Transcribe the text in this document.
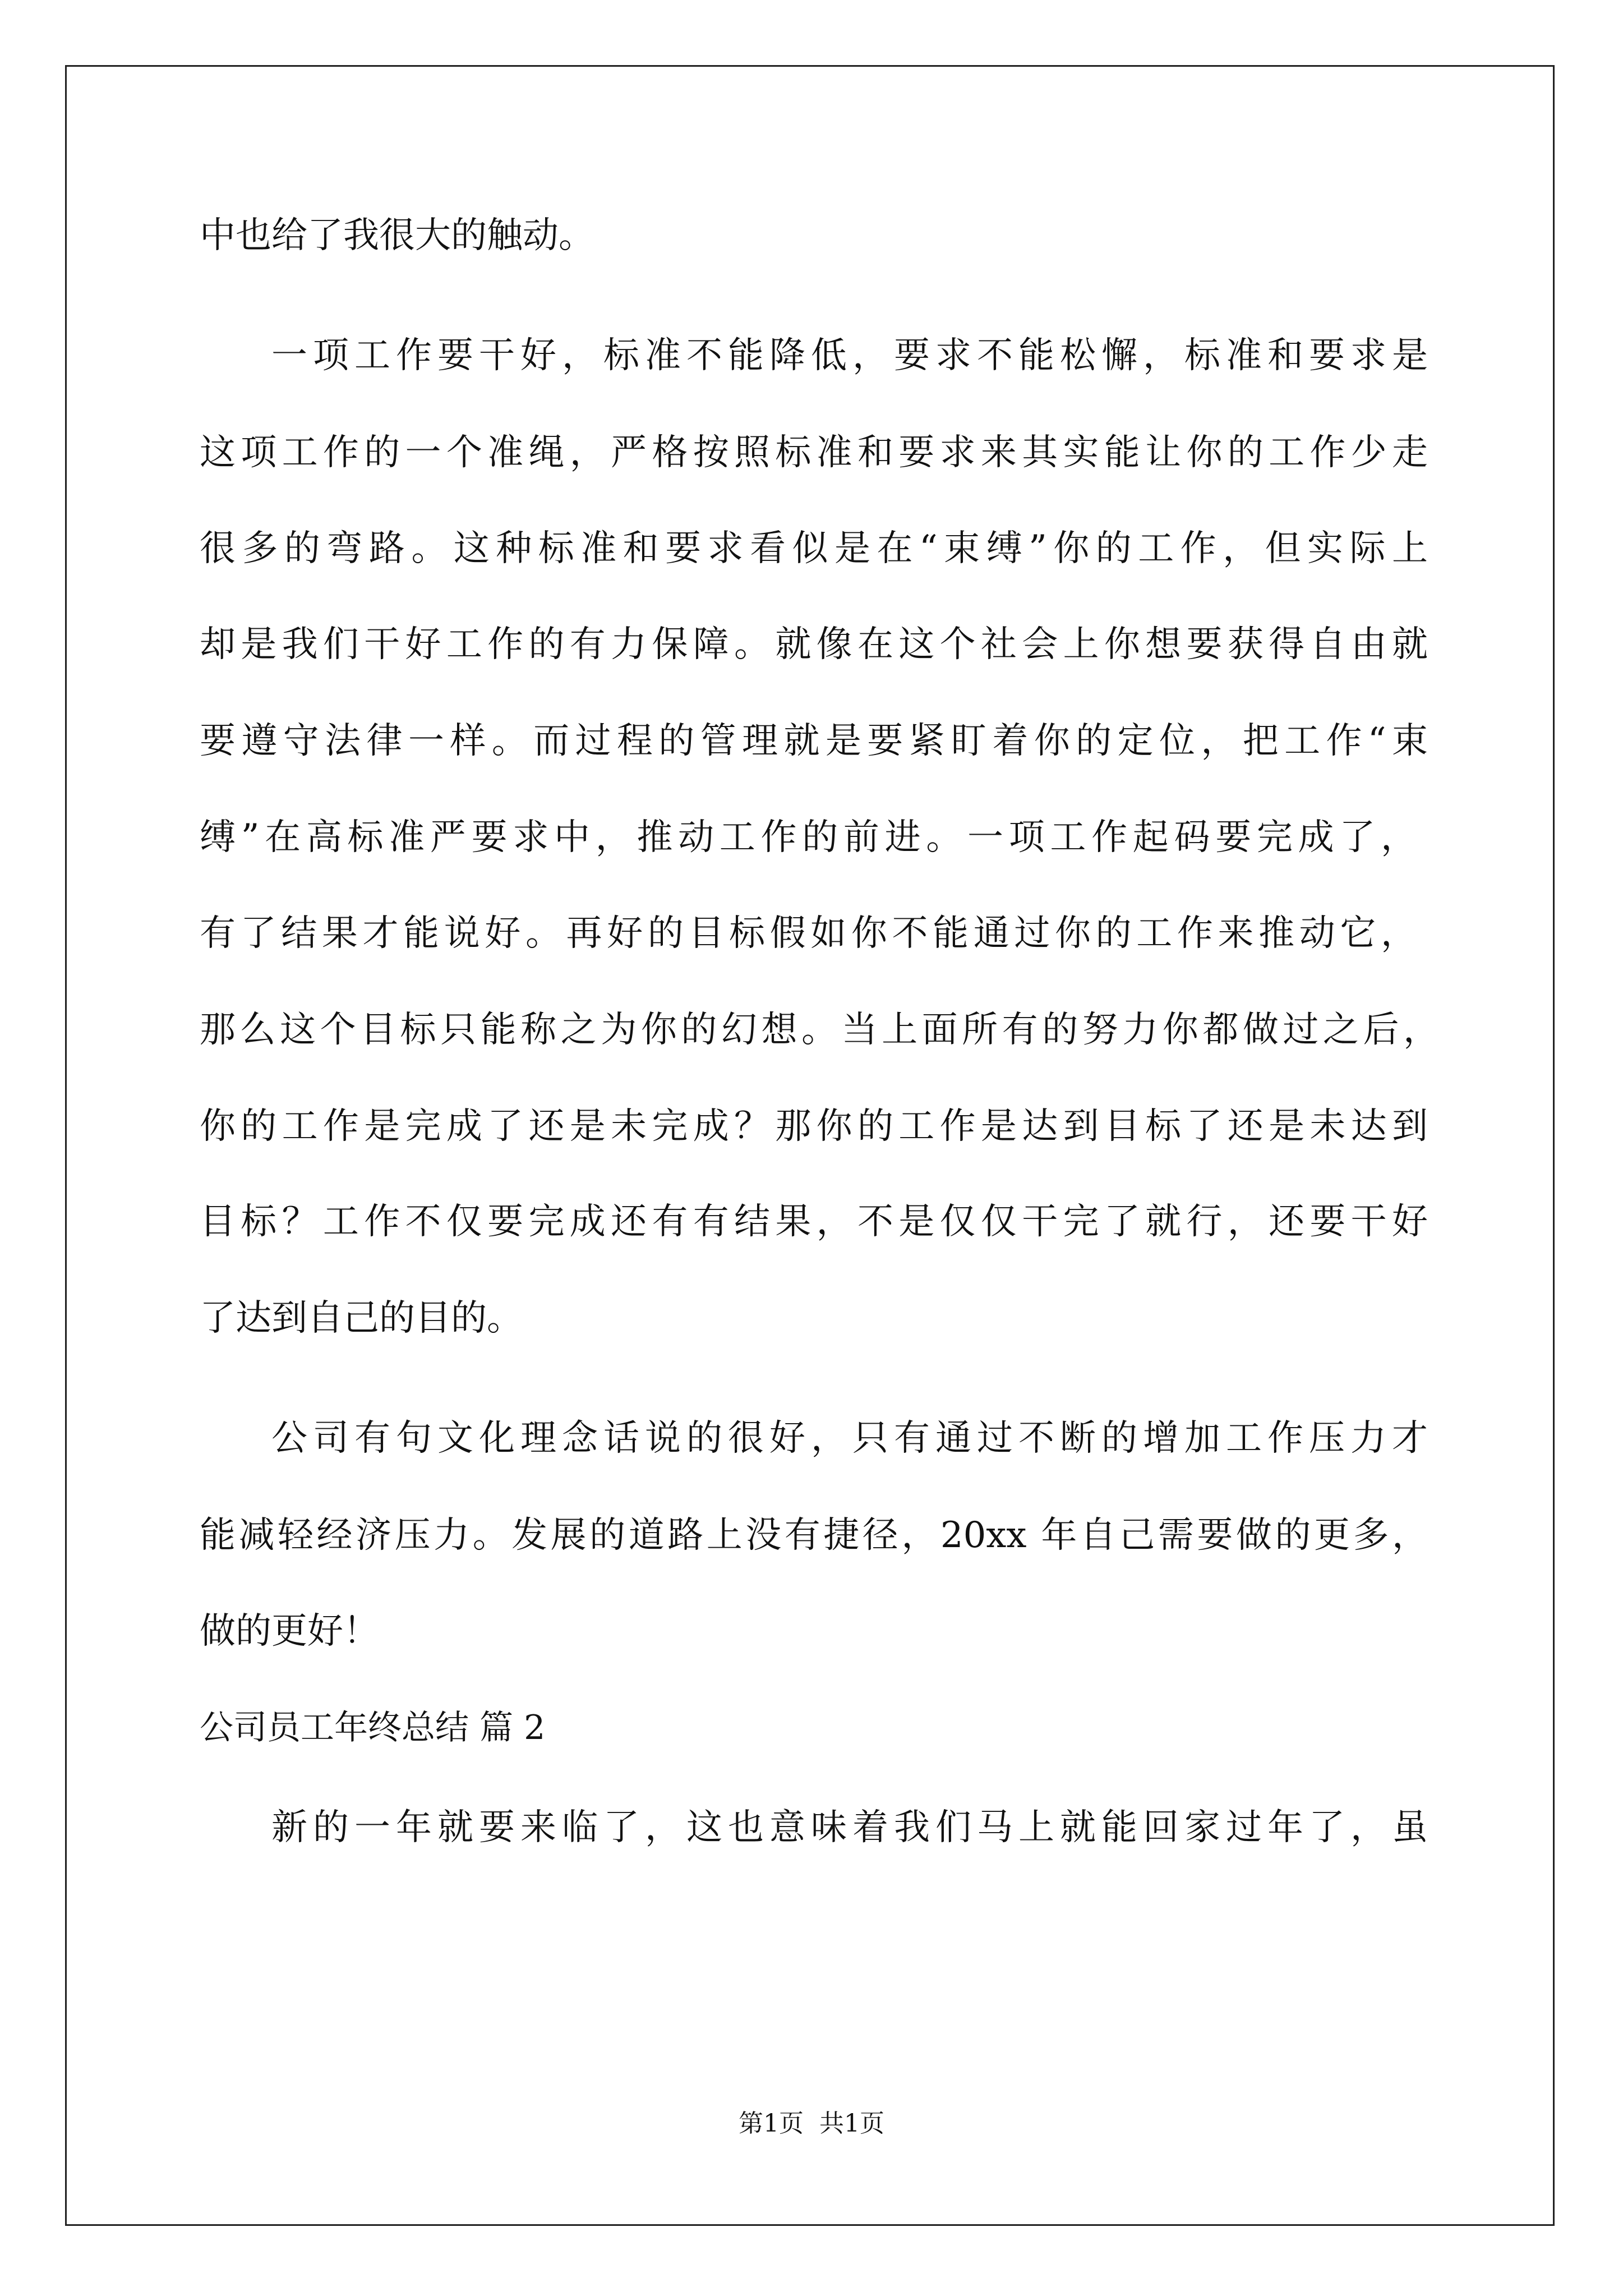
中也给了我很大的触动。
一项工作要干好，标准不能降低，要求不能松懈，标准和要求是
这项工作的一个准绳，严格按照标准和要求来其实能让你的工作少走
很多的弯路。这种标准和要求看似是在“束缚”你的工作，但实际上
却是我们干好工作的有力保障。就像在这个社会上你想要获得自由就
要遵守法律一样。而过程的管理就是要紧盯着你的定位，把工作“束
缚”在高标准严要求中，推动工作的前进。一项工作起码要完成了，
有了结果才能说好。再好的目标假如你不能通过你的工作来推动它，
那么这个目标只能称之为你的幻想。当上面所有的努力你都做过之后，
你的工作是完成了还是未完成？那你的工作是达到目标了还是未达到
目标？工作不仅要完成还有有结果，不是仅仅干完了就行，还要干好
了达到自己的目的。
公司有句文化理念话说的很好，只有通过不断的增加工作压力才
能减轻经济压力。发展的道路上没有捷径，20xx 年自己需要做的更多，
做的更好！
公司员工年终总结 篇 2
新的一年就要来临了，这也意味着我们马上就能回家过年了，虽
第1页  共1页
